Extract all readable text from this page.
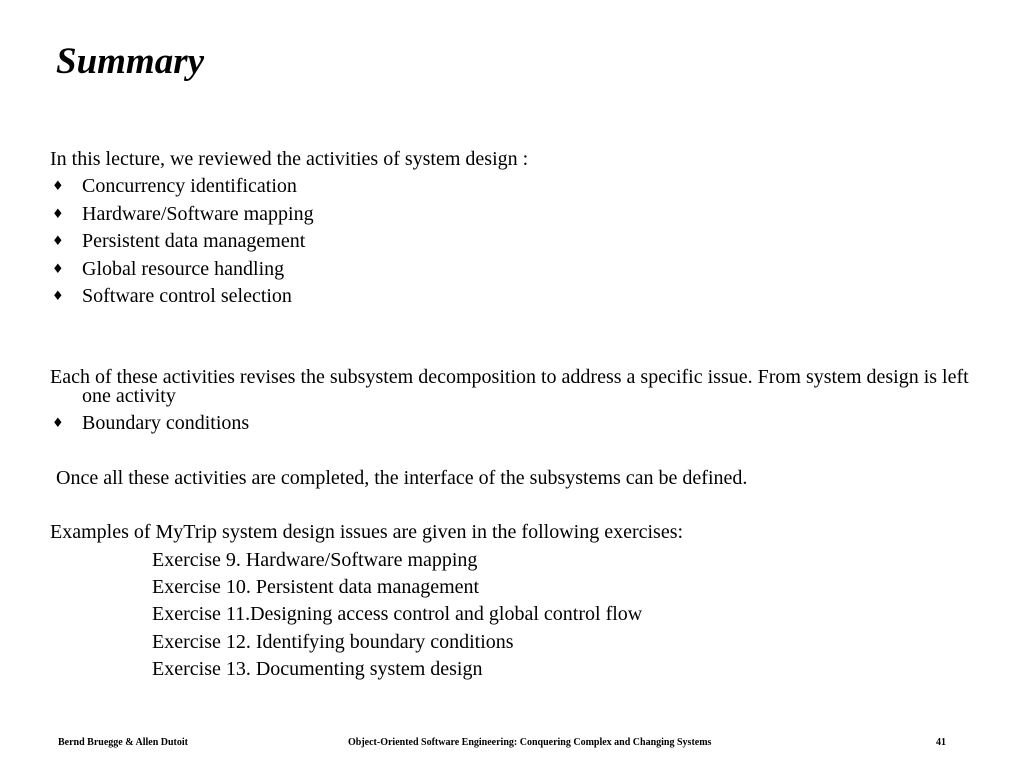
Summary

In this lecture, we reviewed the activities of system design :

♦ Concurrency identification
♦ Hardware/Software mapping
♦ Persistent data management
♦ Global resource handling
♦ Software control selection

Each of these activities revises the subsystem decomposition to address a specific issue. From system design is left one activity

♦ Boundary conditions

Once all these activities are completed, the interface of the subsystems can be defined.

Examples of MyTrip system design issues are given in the following exercises:

Exercise 9. Hardware/Software mapping
Exercise 10. Persistent data management
Exercise 11.Designing access control and global control flow
Exercise 12. Identifying boundary conditions
Exercise 13. Documenting system design
Bernd Bruegge & Allen Dutoit	Object-Oriented Software Engineering: Conquering Complex and Changing Systems	41
